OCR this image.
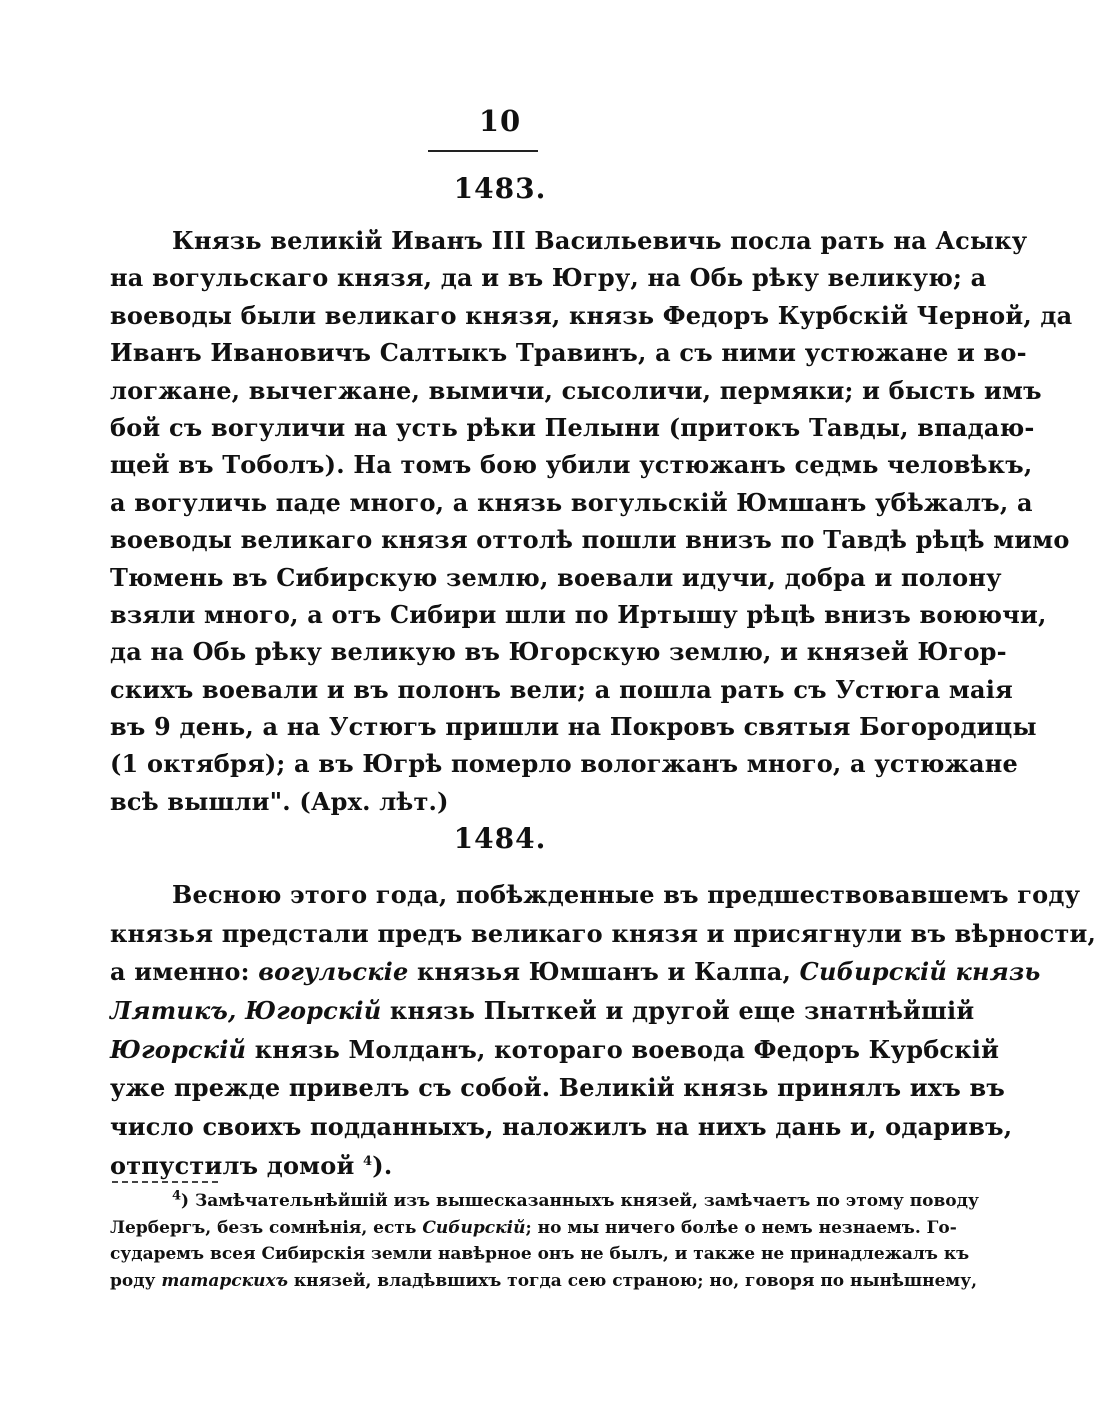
10
1483.
Князь великій Иванъ III Васильевичь посла рать на Асыку
на вогульскаго князя, да и въ Югру, на Обь рѣку великую; а
воеводы были великаго князя, князь Федоръ Курбскій Черной, да
Иванъ Ивановичъ Салтыкъ Травинъ, а съ ними устюжане и во-
логжане, вычегжане, вымичи, сысоличи, пермяки; и бысть имъ
бой съ вогуличи на усть рѣки Пелыни (притокъ Тавды, впадаю-
щей въ Тоболъ). На томъ бою убили устюжанъ седмь человѣкъ,
а вогуличь паде много, а князь вогульскій Юмшанъ убѣжалъ, а
воеводы великаго князя оттолѣ пошли внизъ по Тавдѣ рѣцѣ мимо
Тюмень въ Сибирскую землю, воевали идучи, добра и полону
взяли много, а отъ Сибири шли по Иртышу рѣцѣ внизъ воюючи,
да на Обь рѣку великую въ Югорскую землю, и князей Югор-
скихъ воевали и въ полонъ вели; а пошла рать съ Устюга маія
въ 9 день, а на Устюгъ пришли на Покровъ святыя Богородицы
(1 октября); а въ Югрѣ померло вологжанъ много, а устюжане
всѣ вышли". (Арх. лѣт.)
1484.
Весною этого года, побѣжденные въ предшествовавшемъ году
князья предстали предъ великаго князя и присягнули въ вѣрности,
а именно: вогульскіе князья Юмшанъ и Калпа, Сибирскій князь
Лятикъ, Югорскій князь Пыткей и другой еще знатнѣйшій
Югорскій князь Молданъ, котораго воевода Федоръ Курбскій
уже прежде привелъ съ собой. Великій князь принялъ ихъ въ
число своихъ подданныхъ, наложилъ на нихъ дань и, одаривъ,
отпустилъ домой $^4$).
$^4$) Замѣчательнѣйшій изъ вышесказанныхъ князей, замѣчаетъ по этому поводу
Лербергъ, безъ сомнѣнія, есть Сибирскій; но мы ничего болѣе о немъ незнаемъ. Го-
сударемъ всея Сибирскія земли навѣрное онъ не былъ, и также не принадлежалъ къ
роду татарскихъ князей, владѣвшихъ тогда сею страною; но, говоря по нынѣшнему,
